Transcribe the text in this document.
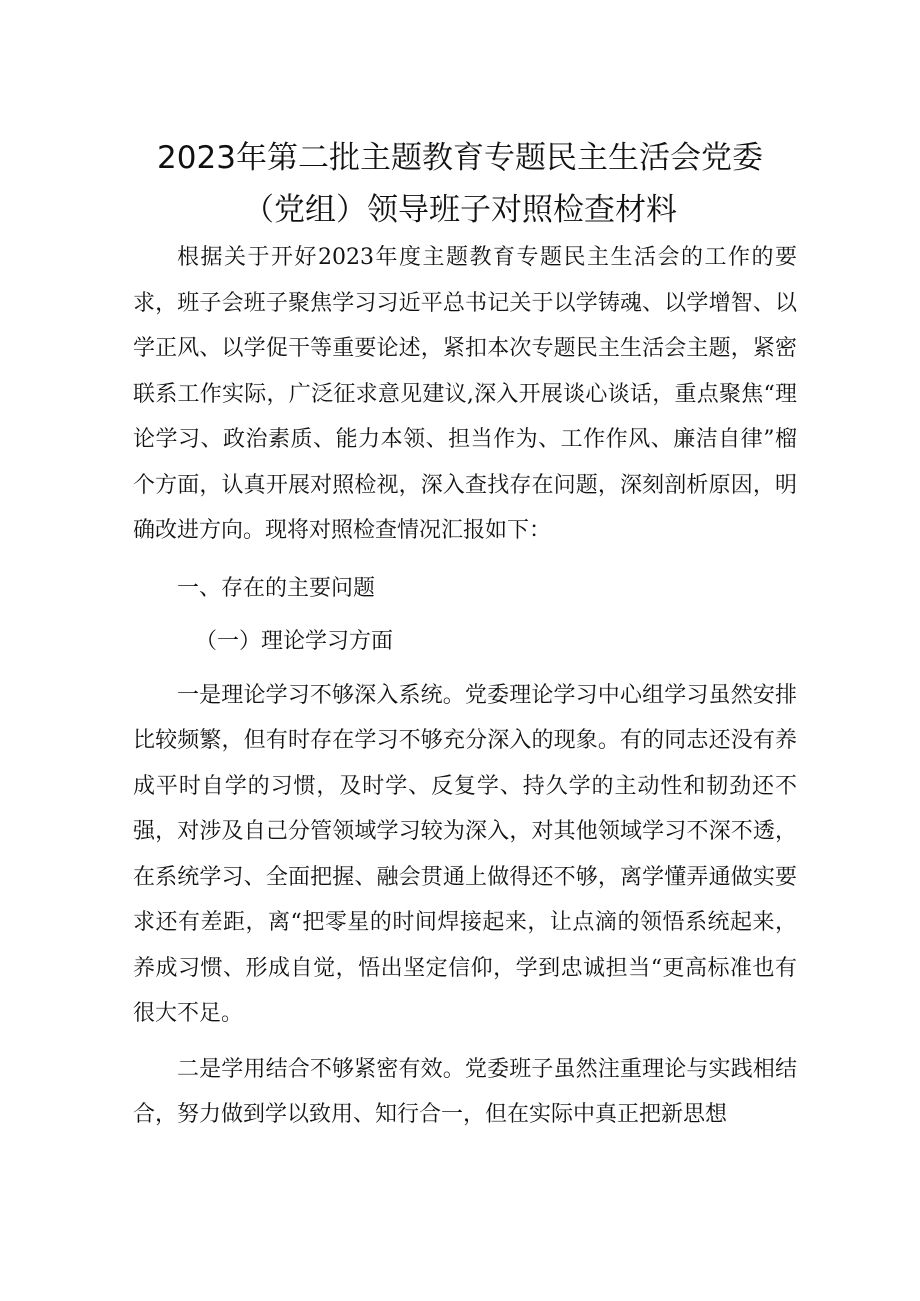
2023年第二批主题教育专题民主生活会党委
（党组）领导班子对照检查材料

根据关于开好2023年度主题教育专题民主生活会的工作的要求，班子会班子聚焦学习习近平总书记关于以学铸魂、以学增智、以学正风、以学促干等重要论述，紧扣本次专题民主生活会主题，紧密联系工作实际，广泛征求意见建议,深入开展谈心谈话，重点聚焦“理论学习、政治素质、能力本领、担当作为、工作作风、廉洁自律”榴个方面，认真开展对照检视，深入查找存在问题，深刻剖析原因，明确改进方向。现将对照检查情况汇报如下：

一、存在的主要问题

（一）理论学习方面

一是理论学习不够深入系统。党委理论学习中心组学习虽然安排比较频繁，但有时存在学习不够充分深入的现象。有的同志还没有养成平时自学的习惯，及时学、反复学、持久学的主动性和韧劲还不强，对涉及自己分管领域学习较为深入，对其他领域学习不深不透，在系统学习、全面把握、融会贯通上做得还不够，离学懂弄通做实要求还有差距，离“把零星的时间焊接起来，让点滴的领悟系统起来，养成习惯、形成自觉，悟出坚定信仰，学到忠诚担当“更高标准也有很大不足。

二是学用结合不够紧密有效。党委班子虽然注重理论与实践相结合，努力做到学以致用、知行合一，但在实际中真正把新思想
